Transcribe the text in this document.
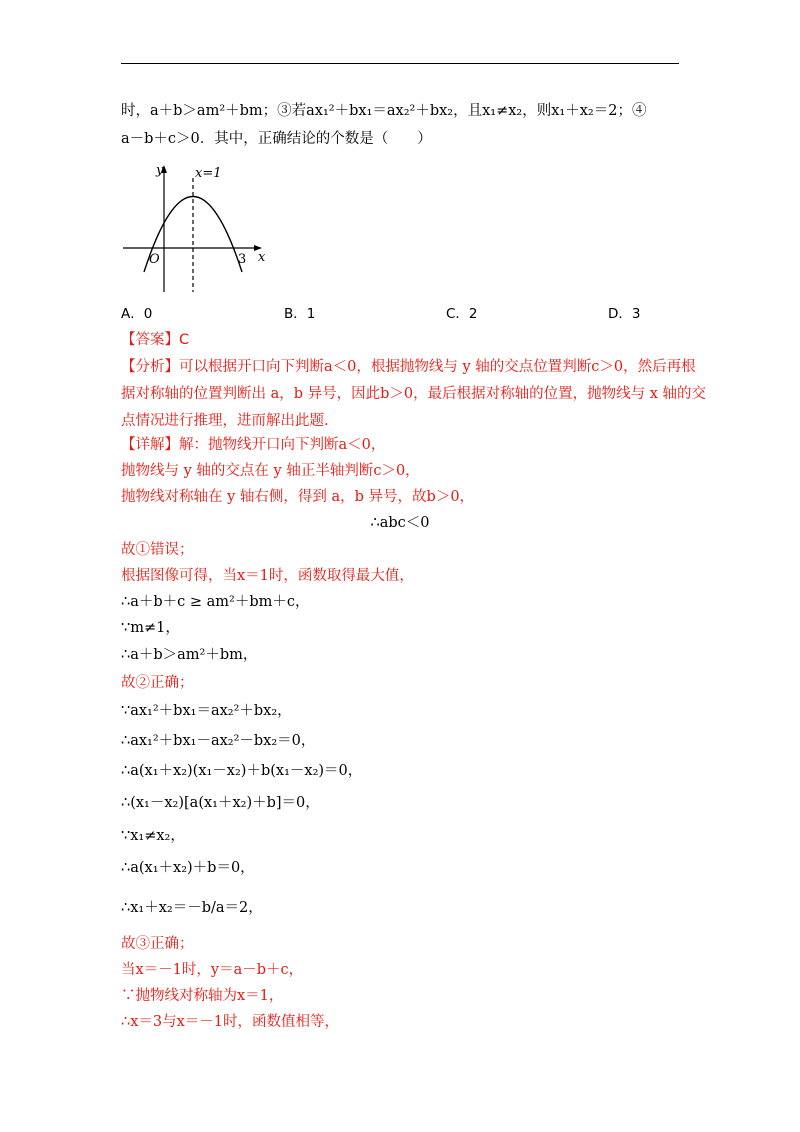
时，a＋b＞am²＋bm；③若ax₁²＋bx₁＝ax₂²＋bx₂，且x₁≠x₂，则x₁＋x₂＝2；④
a－b＋c＞0．其中，正确结论的个数是（　　）
y
x
O	3
x=1
A．0	B．1	C．2	D．3
【答案】C
【分析】可以根据开口向下判断a＜0，根据抛物线与 y 轴的交点位置判断c＞0，然后再根
据对称轴的位置判断出 a，b 异号，因此b＞0，最后根据对称轴的位置，抛物线与 x 轴的交
点情况进行推理，进而解出此题.
【详解】解：抛物线开口向下判断a＜0，
抛物线与 y 轴的交点在 y 轴正半轴判断c＞0，
抛物线对称轴在 y 轴右侧，得到 a，b 异号，故b＞0，
∴abc＜0
故①错误；
根据图像可得，当x＝1时，函数取得最大值，
∴a＋b＋c ≥ am²＋bm＋c，
∵m≠1，
∴a＋b＞am²＋bm，
故②正确；
∵ax₁²＋bx₁＝ax₂²＋bx₂，
∴ax₁²＋bx₁－ax₂²－bx₂＝0，
∴a(x₁＋x₂)(x₁－x₂)＋b(x₁－x₂)＝0，
∴(x₁－x₂)[a(x₁＋x₂)＋b]＝0，
∵x₁≠x₂，
∴a(x₁＋x₂)＋b＝0，
∴x₁＋x₂＝－b/a＝2，
故③正确；
当x＝－1时，y＝a－b＋c，
∵抛物线对称轴为x＝1，
∴x＝3与x＝－1时，函数值相等，
